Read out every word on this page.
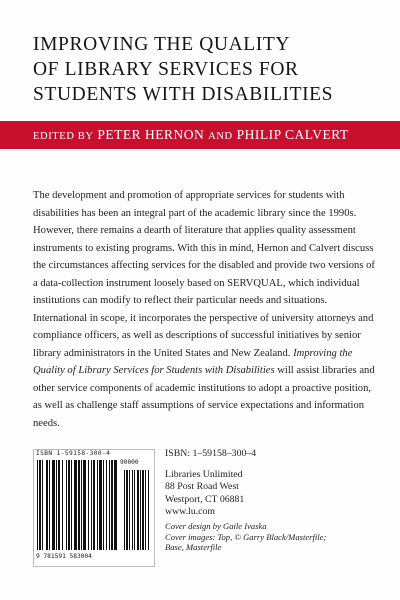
IMPROVING THE QUALITY
OF LIBRARY SERVICES FOR
STUDENTS WITH DISABILITIES
EDITED BY PETER HERNON AND PHILIP CALVERT

The development and promotion of appropriate services for students with disabilities has been an integral part of the academic library since the 1990s. However, there remains a dearth of literature that applies quality assessment instruments to existing programs. With this in mind, Hernon and Calvert discuss the circumstances affecting services for the disabled and provide two versions of a data-collection instrument loosely based on SERVQUAL, which individual institutions can modify to reflect their particular needs and situations. International in scope, it incorporates the perspective of university attorneys and compliance officers, as well as descriptions of successful initiatives by senior library administrators in the United States and New Zealand. Improving the Quality of Library Services for Students with Disabilities will assist libraries and other service components of academic institutions to adopt a proactive position, as well as challenge staff assumptions of service expectations and information needs.

ISBN 1-59158-300-4
90000
9 781591 583004
ISBN: 1–59158–300–4
Libraries Unlimited
88 Post Road West
Westport, CT 06881
www.lu.com
Cover design by Gaile Ivaska
Cover images: Top, © Garry Black/Masterfile;
Base, Masterfile
